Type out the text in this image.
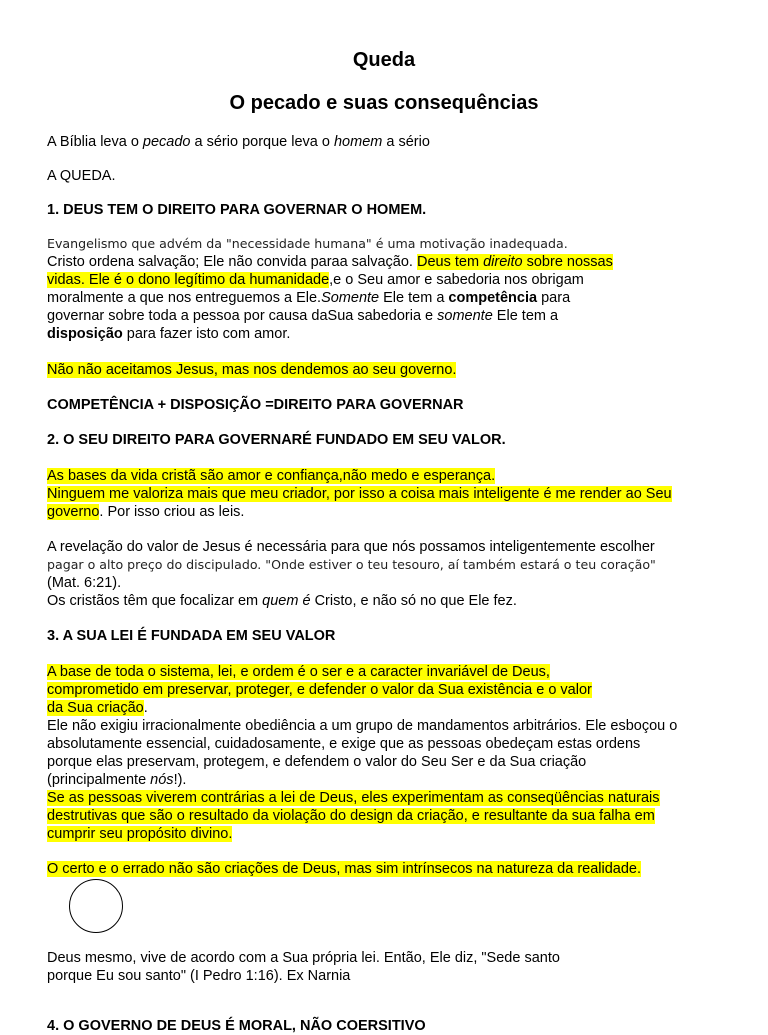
Queda
O pecado e suas consequências
A Bíblia leva o pecado a sério porque leva o homem a sério
A QUEDA.
1. DEUS TEM O DIREITO PARA GOVERNAR O HOMEM.
Evangelismo que advém da "necessidade humana" é uma motivação inadequada.
Cristo ordena salvação; Ele não convida paraa salvação. Deus tem direito sobre nossas
vidas. Ele é o dono legítimo da humanidade,e o Seu amor e sabedoria nos obrigam
moralmente a que nos entreguemos a Ele.Somente Ele tem a competência para
governar sobre toda a pessoa por causa daSua sabedoria e somente Ele tem a
disposição para fazer isto com amor.
Não não aceitamos Jesus, mas nos dendemos ao seu governo.
COMPETÊNCIA + DISPOSIÇÃO =DIREITO PARA GOVERNAR
2. O SEU DIREITO PARA GOVERNARÉ FUNDADO EM SEU VALOR.
As bases da vida cristã são amor e confiança,não medo e esperança.
Ninguem me valoriza mais que meu criador, por isso a coisa mais inteligente é me render ao Seu
governo. Por isso criou as leis.
A revelação do valor de Jesus é necessária para que nós possamos inteligentemente escolher
pagar o alto preço do discipulado. "Onde estiver o teu tesouro, aí também estará o teu coração"
(Mat. 6:21).
Os cristãos têm que focalizar em quem é Cristo, e não só no que Ele fez.
3. A SUA LEI É FUNDADA EM SEU VALOR
A base de toda o sistema, lei, e ordem é o ser e a caracter invariável de Deus,
comprometido em preservar, proteger, e defender o valor da Sua existência e o valor
da Sua criação.
Ele não exigiu irracionalmente obediência a um grupo de mandamentos arbitrários. Ele esboçou o
absolutamente essencial, cuidadosamente, e exige que as pessoas obedeçam estas ordens
porque elas preservam, protegem, e defendem o valor do Seu Ser e da Sua criação
(principalmente nós!).
Se as pessoas viverem contrárias a lei de Deus, eles experimentam as conseqüências naturais
destrutivas que são o resultado da violação do design da criação, e resultante da sua falha em
cumprir seu propósito divino.
O certo e o errado não são criações de Deus, mas sim intrínsecos na natureza da realidade.
Deus mesmo, vive de acordo com a Sua própria lei. Então, Ele diz, "Sede santo
porque Eu sou santo" (I Pedro 1:16). Ex Narnia
4. O GOVERNO DE DEUS É MORAL, NÃO COERSITIVO
